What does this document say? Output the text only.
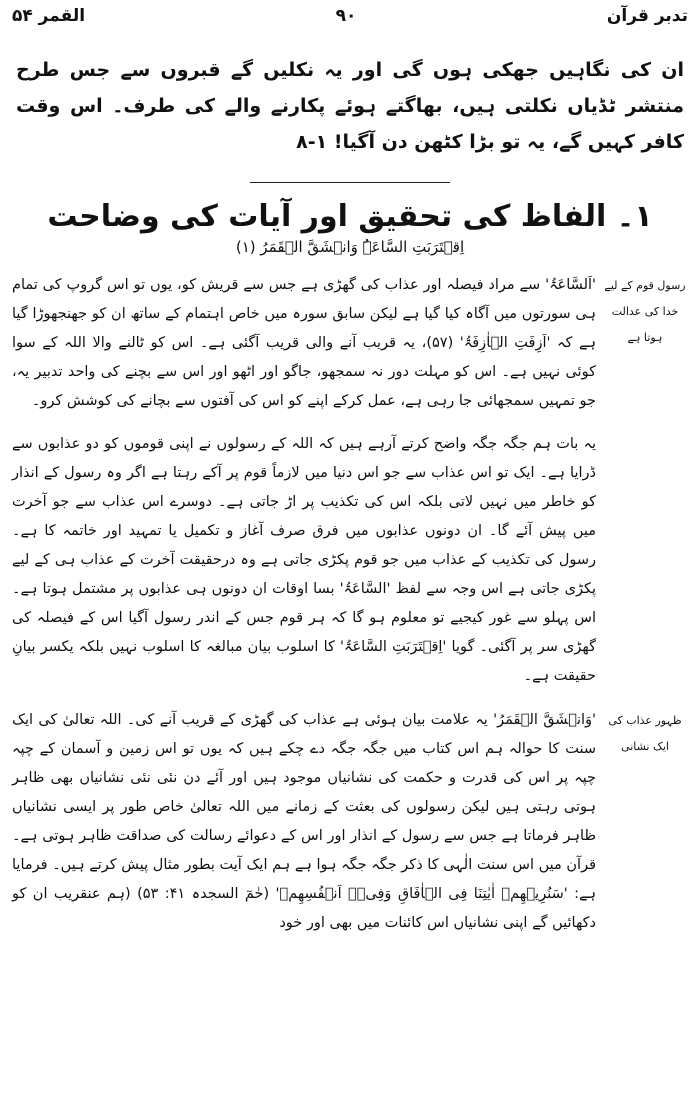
تدبر قرآن
۹۰
القمر ۵۴

ان کی نگاہیں جھکی ہوں گی اور یہ نکلیں گے قبروں سے جس طرح منتشر ٹڈیاں نکلتی ہیں، بھاگتے ہوئے پکارنے والے کی طرف۔ اس وقت کافر کہیں گے، یہ تو بڑا کٹھن دن آگیا! ۱-۸

۱۔ الفاظ کی تحقیق اور آیات کی وضاحت
اِقۡتَرَبَتِ السَّاعَۃُ وَانۡشَقَّ الۡقَمَرُ (۱)
رسول قوم کے لیے خدا کی عدالت ہوتا ہے

'اَلسَّاعَۃُ' سے مراد فیصلہ اور عذاب کی گھڑی ہے جس سے قریش کو، یوں تو اس گروپ کی تمام ہی سورتوں میں آگاہ کیا گیا ہے لیکن سابق سورہ میں خاص اہتمام کے ساتھ ان کو جھنجھوڑا گیا ہے کہ 'اَزِفَتِ الۡاٰزِفَۃُ' (۵۷)، یہ قریب آنے والی قریب آگئی ہے۔ اس کو ٹالنے والا اللہ کے سوا کوئی نہیں ہے۔ اس کو مہلت دور نہ سمجھو، جاگو اور اٹھو اور اس سے بچنے کی واحد تدبیر یہ، جو تمہیں سمجھائی جا رہی ہے، عمل کرکے اپنے کو اس کی آفتوں سے بچانے کی کوشش کرو۔

یہ بات ہم جگہ جگہ واضح کرتے آرہے ہیں کہ اللہ کے رسولوں نے اپنی قوموں کو دو عذابوں سے ڈرایا ہے۔ ایک تو اس عذاب سے جو اس دنیا میں لازماً قوم پر آکے رہتا ہے اگر وہ رسول کے انذار کو خاطر میں نہیں لاتی بلکہ اس کی تکذیب پر اڑ جاتی ہے۔ دوسرے اس عذاب سے جو آخرت میں پیش آئے گا۔ ان دونوں عذابوں میں فرق صرف آغاز و تکمیل یا تمہید اور خاتمہ کا ہے۔ رسول کی تکذیب کے عذاب میں جو قوم پکڑی جاتی ہے وہ درحقیقت آخرت کے عذاب ہی کے لیے پکڑی جاتی ہے اس وجہ سے لفظ 'السَّاعَۃُ' بسا اوقات ان دونوں ہی عذابوں پر مشتمل ہوتا ہے۔ اس پہلو سے غور کیجیے تو معلوم ہو گا کہ ہر قوم جس کے اندر رسول آگیا اس کے فیصلہ کی گھڑی سر پر آگئی۔ گویا 'اِقۡتَرَبَتِ السَّاعَۃُ' کا اسلوب بیان مبالغہ کا اسلوب نہیں بلکہ یکسر بیانِ حقیقت ہے۔

ظہور عذاب کی ایک نشانی

'وَانۡشَقَّ الۡقَمَرُ' یہ علامت بیان ہوئی ہے عذاب کی گھڑی کے قریب آنے کی۔ اللہ تعالیٰ کی ایک سنت کا حوالہ ہم اس کتاب میں جگہ جگہ دے چکے ہیں کہ یوں تو اس زمین و آسمان کے چپہ چپہ پر اس کی قدرت و حکمت کی نشانیاں موجود ہیں اور آئے دن نئی نئی نشانیاں بھی ظاہر ہوتی رہتی ہیں لیکن رسولوں کی بعثت کے زمانے میں اللہ تعالیٰ خاص طور پر ایسی نشانیاں ظاہر فرماتا ہے جس سے رسول کے انذار اور اس کے دعوائے رسالت کی صداقت ظاہر ہوتی ہے۔ قرآن میں اس سنت الٰہی کا ذکر جگہ جگہ ہوا ہے ہم ایک آیت بطور مثال پیش کرتے ہیں۔ فرمایا ہے: 'سَنُرِیۡهِمۡ اٰیٰتِنَا فِی الۡاٰفَاقِ وَفِیۡۤ اَنۡفُسِهِمۡ' (حٰمٓ السجدہ ۴۱: ۵۳) (ہم عنقریب ان کو دکھائیں گے اپنی نشانیاں اس کائنات میں بھی اور خود
